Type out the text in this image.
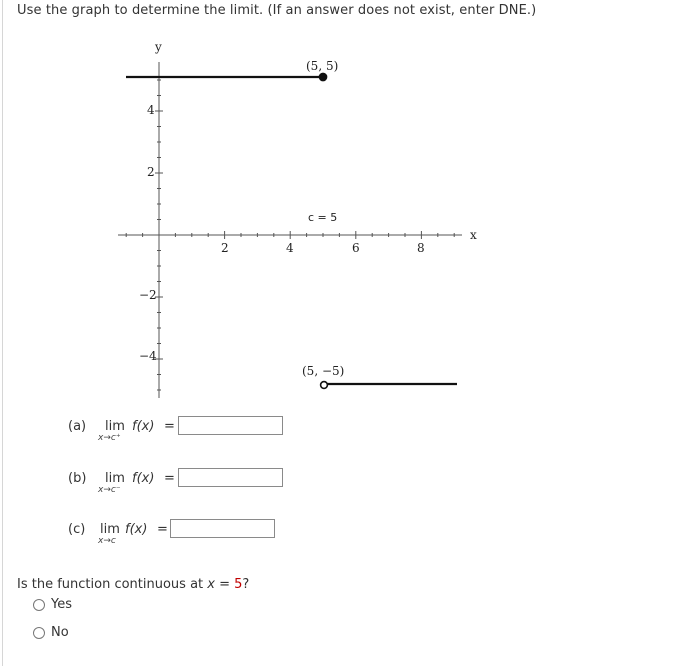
Use the graph to determine the limit. (If an answer does not exist, enter DNE.)
y
x
2	4	6	8
4
2
−2
−4
c = 5
(5, 5)
(5, −5)
(a) lim
x→c⁺
f(x) =
(b) lim
x→c⁻
f(x) =
(c) lim
x→c
f(x) =
Is the function continuous at x = 5?
Yes
No
